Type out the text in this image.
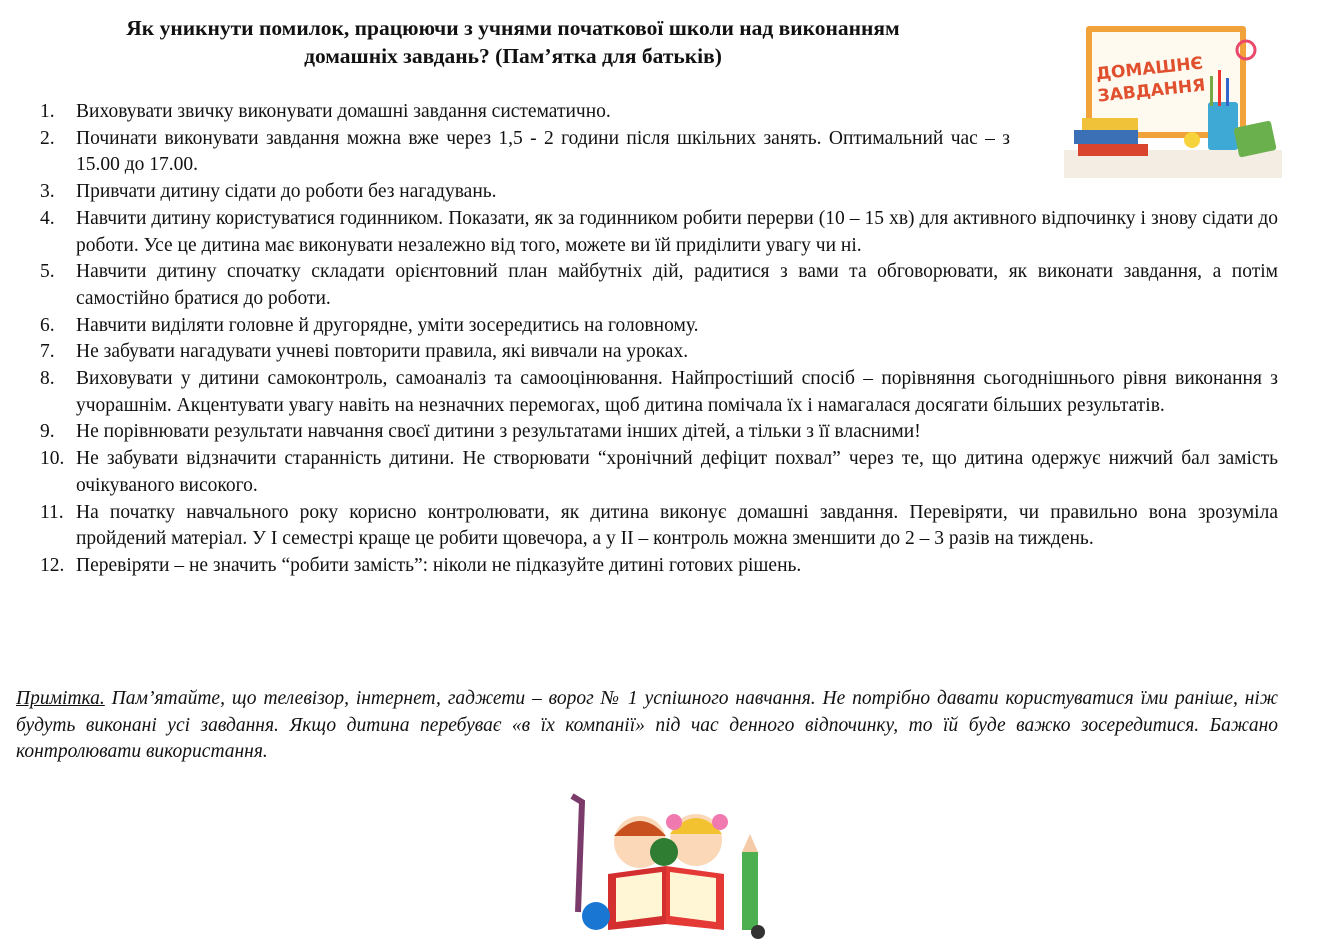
Як уникнути помилок, працюючи з учнями початкової школи над виконанням
домашніх завдань? (Пам’ятка для батьків)	ДОМАШНЄ
ЗАВДАННЯ
1.	Виховувати звичку виконувати домашні завдання систематично.
2.	Починати виконувати завдання можна вже через 1,5 - 2 години після шкільних занять. Оптимальний час – з 15.00 до 17.00.
3.	Привчати дитину сідати до роботи без нагадувань.
4.	Навчити дитину користуватися годинником. Показати, як за годинником робити перерви (10 – 15 хв) для активного відпочинку і знову сідати до роботи. Усе це дитина має виконувати незалежно від того, можете ви їй приділити увагу чи ні.
5.	Навчити дитину спочатку складати орієнтовний план майбутніх дій, радитися з вами та обговорювати, як виконати завдання, а потім самостійно братися до роботи.
6.	Навчити виділяти головне й другорядне, уміти зосередитись на головному.
7.	Не забувати нагадувати учневі повторити правила, які вивчали на уроках.
8.	Виховувати у дитини самоконтроль, самоаналіз та самооцінювання. Найпростіший спосіб – порівняння сьогоднішнього рівня виконання з учорашнім. Акцентувати увагу навіть на незначних перемогах, щоб дитина помічала їх і намагалася досягати більших результатів.
9.	Не порівнювати результати навчання своєї дитини з результатами інших дітей, а тільки з її власними!
10. Не забувати відзначити старанність дитини. Не створювати “хронічний дефіцит похвал” через те, що дитина одержує нижчий бал замість очікуваного високого.
11. На початку навчального року корисно контролювати, як дитина виконує домашні завдання. Перевіряти, чи правильно вона зрозуміла пройдений матеріал. У І семестрі краще це робити щовечора, а у ІІ – контроль можна зменшити до 2 – 3 разів на тиждень.
12. Перевіряти – не значить “робити замість”: ніколи не підказуйте дитині готових рішень.
Примітка. Пам’ятайте, що телевізор, інтернет, гаджети – ворог № 1 успішного навчання. Не потрібно давати користуватися їми раніше, ніж будуть виконані усі завдання. Якщо дитина перебуває «в їх компанії» під час денного відпочинку, то їй буде важко зосередитися. Бажано контролювати використання.
